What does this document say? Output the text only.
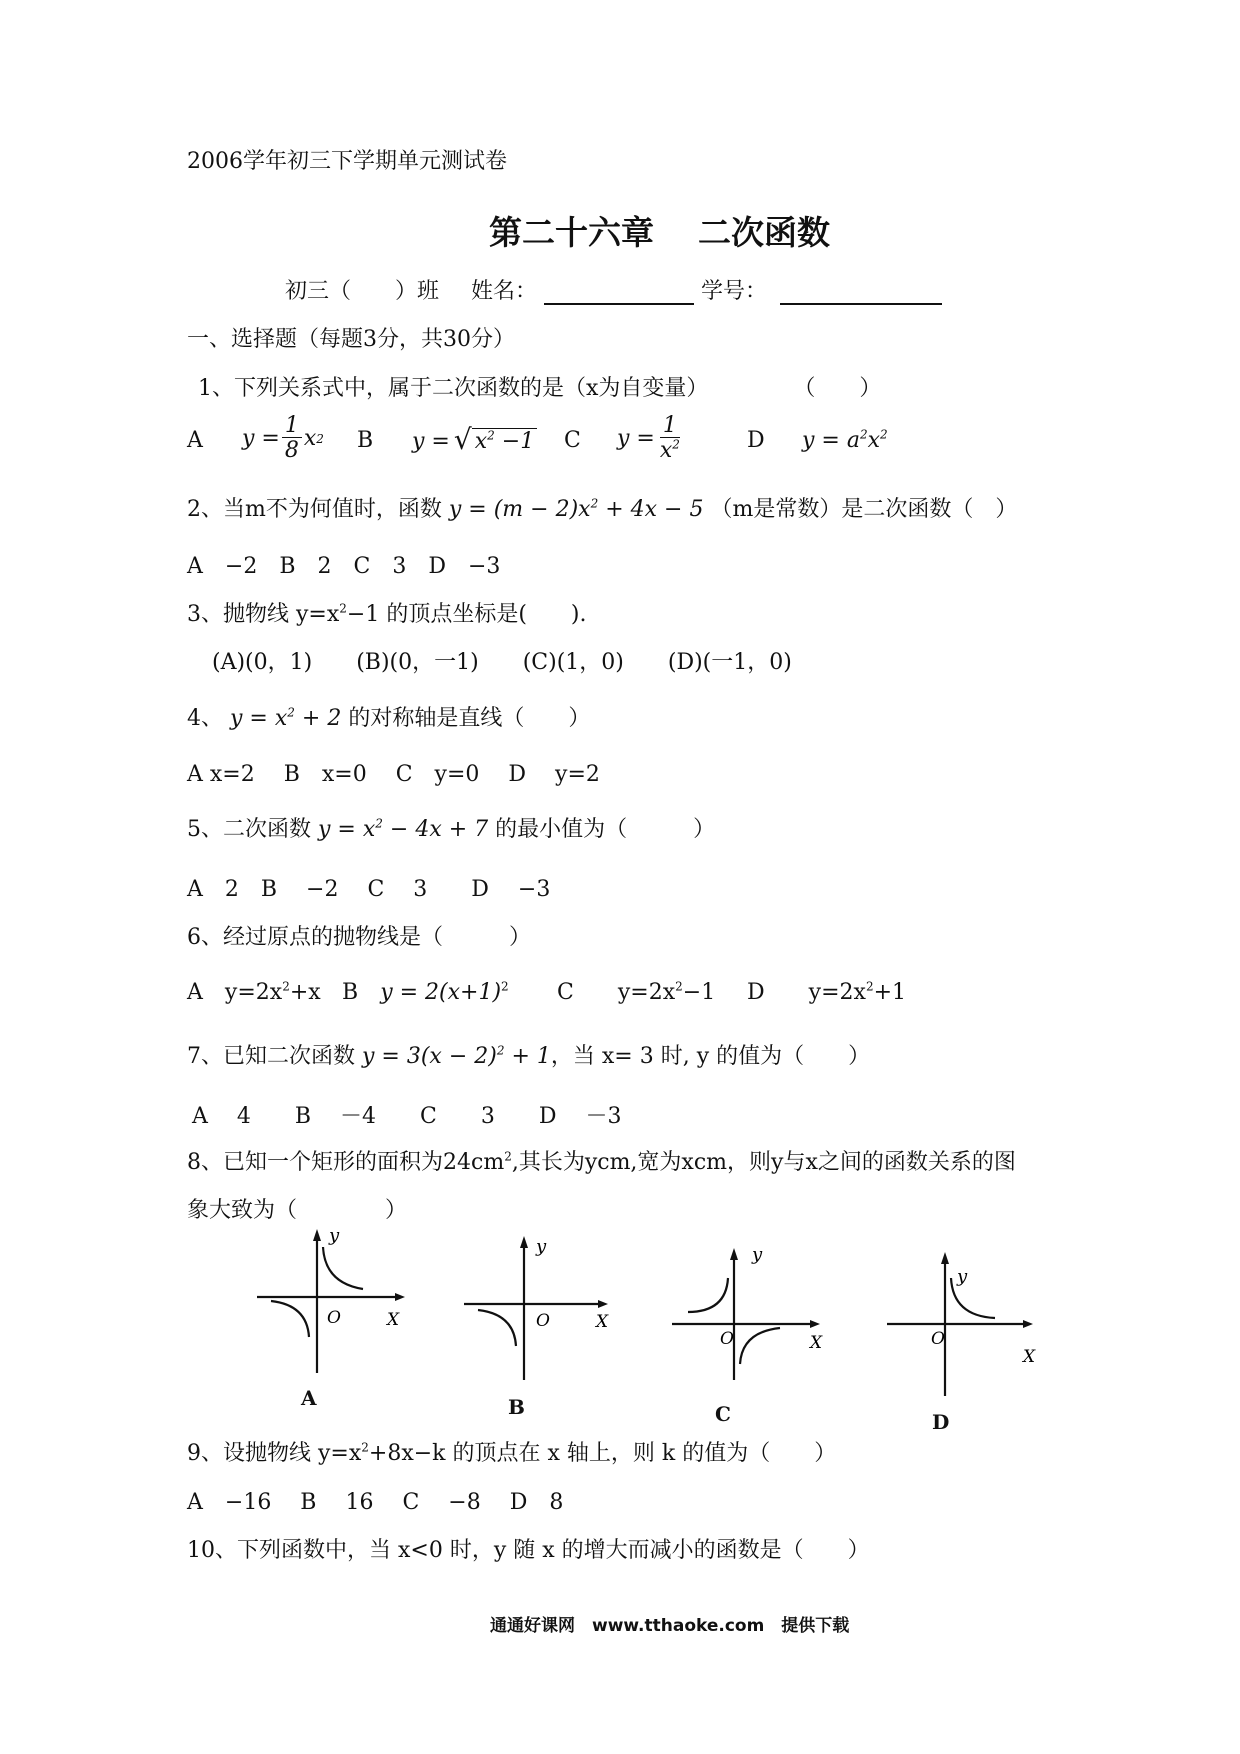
2006学年初三下学期单元测试卷
第二十六章 二次函数
初三（　　）班 姓名：	学号：
一、选择题（每题3分，共30分）
1、下列关系式中，属于二次函数的是（x为自变量）	（　　）
A $y = \frac{1}{8}$ x 2 B y = √ $x^2 -1$ C $y = \frac{1}{x^2}$	D $y = a^2x^2$
2、当m不为何值时，函数 $y = (m - 2)x^2 + 4x - 5$ （m是常数）是二次函数（　）
A　−2　B　2　C　3　D　−3
3、抛物线 $y=x^2-1$ 的顶点坐标是(　　).
(A)(0，1)　　(B)(0，一1)　　(C)(1，0)　　(D)(一1，0)
4、 $y = x^2 + 2$ 的对称轴是直线（　　）
A x=2　 B　x=0　 C　y=0　 D　 y=2
5、二次函数 $y = x^2 - 4x + 7$ 的最小值为（　　　）
A　2　B　 −2　 C　 3　　D　 −3
6、经过原点的抛物线是（　　　）
A　 $y=2x^2+x$ B　 $y = 2(x+1)^2$ C　　 $y=2x^2-1$ D　　 $y=2x^2+1$
7、已知二次函数 $y = 3(x - 2)^2 + 1$，当 x= 3 时, y 的值为（　　）
A　 4　　B　 －4　　C　　3　　D　 －3
8、已知一个矩形的面积为$24cm^2$,其长为ycm,宽为xcm，则y与x之间的函数关系的图
象大致为（　　　　）
y
O	X
y
O	X
y
O	X
y
O
X
A	B	C	D
9、设抛物线 $y=x^2+8x-k$ 的顶点在 x 轴上，则 k 的值为（　　）
A　−16　 B　 16　 C　 −8　 D　8
10、下列函数中，当 x<0 时，y 随 x 的增大而减小的函数是（　　）
通通好课网　www.tthaoke.com　提供下载
